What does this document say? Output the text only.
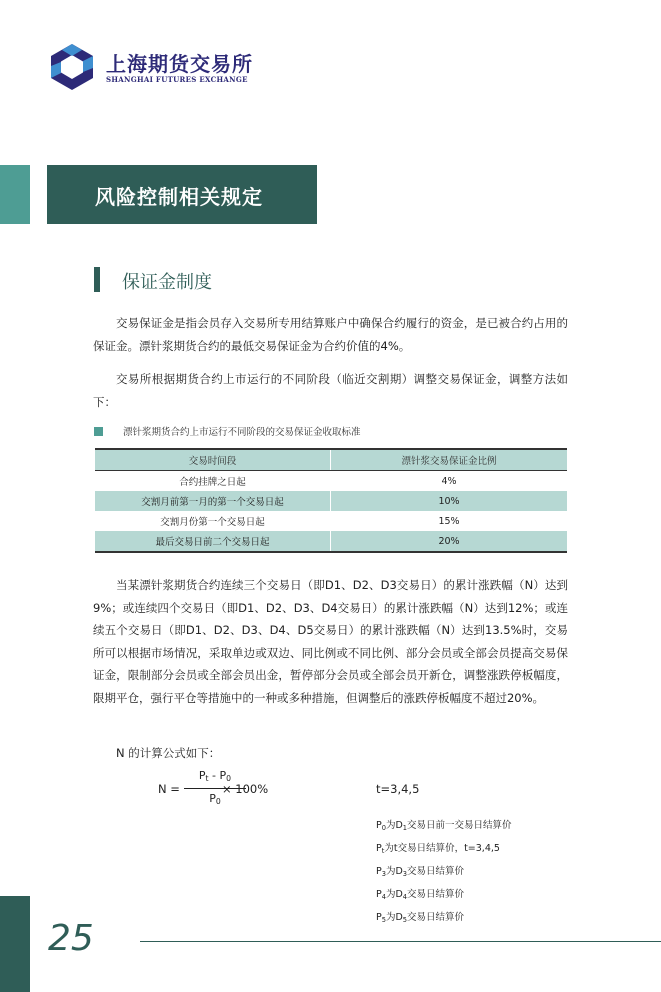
上海期货交易所
SHANGHAI FUTURES EXCHANGE
风险控制相关规定
保证金制度

交易保证金是指会员存入交易所专用结算账户中确保合约履行的资金，是已被合约占用的保证金。漂针浆期货合约的最低交易保证金为合约价值的4%。

交易所根据期货合约上市运行的不同阶段（临近交割期）调整交易保证金，调整方法如下：

漂针浆期货合约上市运行不同阶段的交易保证金收取标准
交易时间段	漂针浆交易保证金比例
合约挂牌之日起	4%
交割月前第一月的第一个交易日起	10%
交割月份第一个交易日起	15%
最后交易日前二个交易日起	20%

当某漂针浆期货合约连续三个交易日（即D1、D2、D3交易日）的累计涨跌幅（N）达到9%；或连续四个交易日（即D1、D2、D3、D4交易日）的累计涨跌幅（N）达到12%；或连续五个交易日（即D1、D2、D3、D4、D5交易日）的累计涨跌幅（N）达到13.5%时，交易所可以根据市场情况，采取单边或双边、同比例或不同比例、部分会员或全部会员提高交易保证金，限制部分会员或全部会员出金，暂停部分会员或全部会员开新仓，调整涨跌停板幅度，限期平仓，强行平仓等措施中的一种或多种措施，但调整后的涨跌停板幅度不超过20%。

N 的计算公式如下：

N =
$P_t - P_0$
$P_0$
× 100%	t=3,4,5
$P_0$为$D_1$交易日前一交易日结算价
$P_t$为t交易日结算价，t=3,4,5
$P_3$为$D_3$交易日结算价
$P_4$为$D_4$交易日结算价
$P_5$为$D_5$交易日结算价
25
